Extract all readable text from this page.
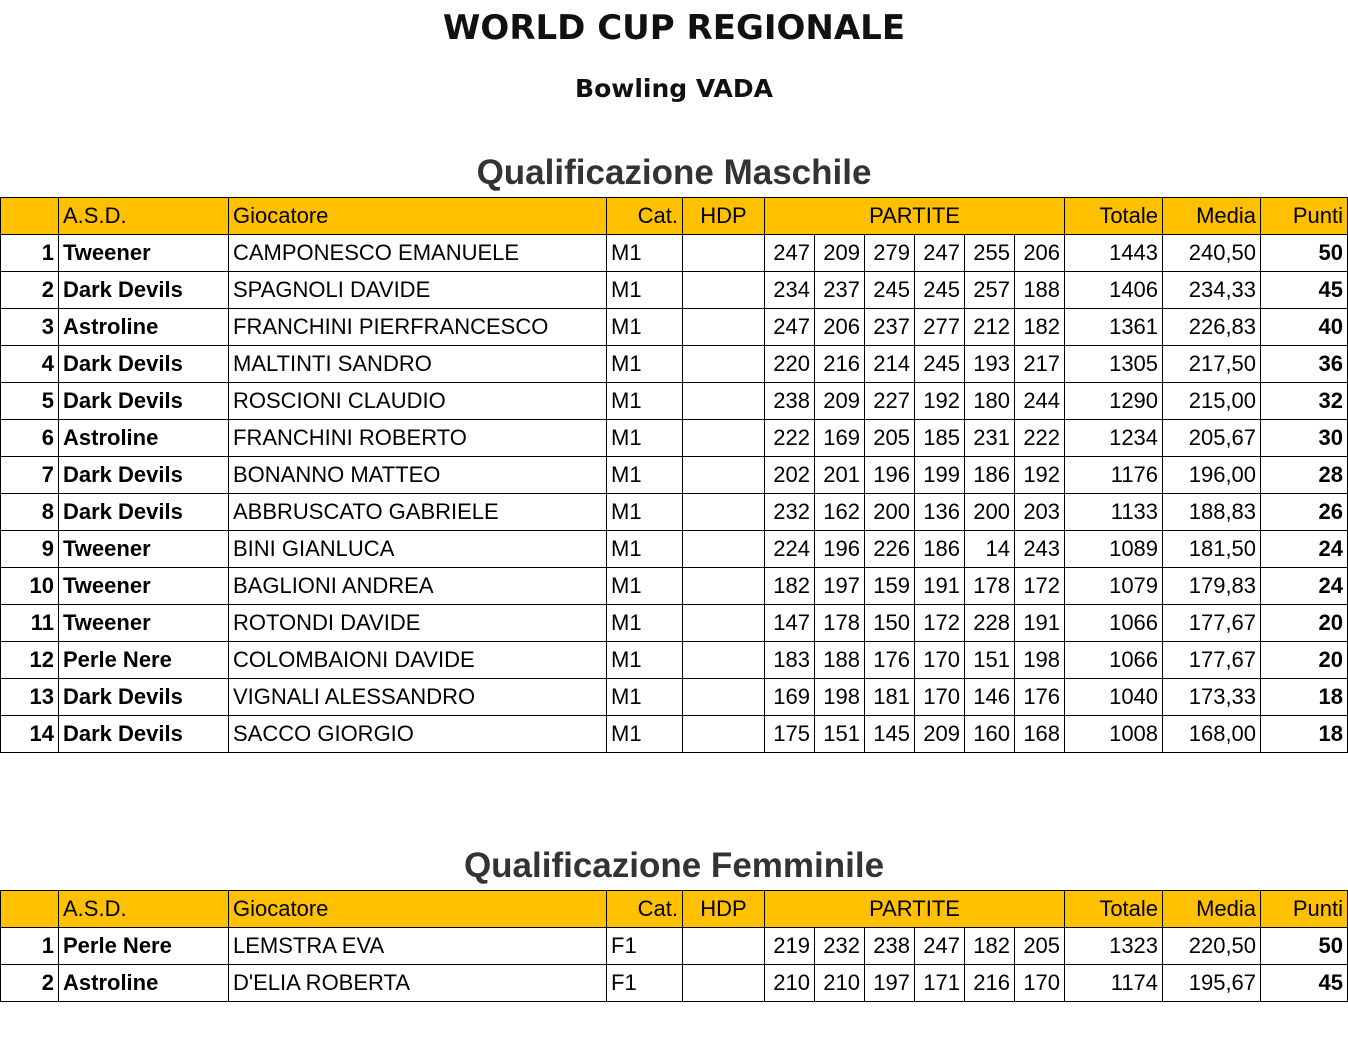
WORLD CUP REGIONALE
Bowling VADA
Qualificazione Maschile
	A.S.D.	Giocatore	Cat.	HDP	PARTITE						Totale	Media	Punti
1	Tweener	CAMPONESCO EMANUELE	M1		247	209	279	247	255	206	1443	240,50	50
2	Dark Devils	SPAGNOLI DAVIDE	M1		234	237	245	245	257	188	1406	234,33	45
3	Astroline	FRANCHINI PIERFRANCESCO	M1		247	206	237	277	212	182	1361	226,83	40
4	Dark Devils	MALTINTI SANDRO	M1		220	216	214	245	193	217	1305	217,50	36
5	Dark Devils	ROSCIONI CLAUDIO	M1		238	209	227	192	180	244	1290	215,00	32
6	Astroline	FRANCHINI ROBERTO	M1		222	169	205	185	231	222	1234	205,67	30
7	Dark Devils	BONANNO MATTEO	M1		202	201	196	199	186	192	1176	196,00	28
8	Dark Devils	ABBRUSCATO GABRIELE	M1		232	162	200	136	200	203	1133	188,83	26
9	Tweener	BINI GIANLUCA	M1		224	196	226	186	14	243	1089	181,50	24
10	Tweener	BAGLIONI ANDREA	M1		182	197	159	191	178	172	1079	179,83	24
11	Tweener	ROTONDI DAVIDE	M1		147	178	150	172	228	191	1066	177,67	20
12	Perle Nere	COLOMBAIONI DAVIDE	M1		183	188	176	170	151	198	1066	177,67	20
13	Dark Devils	VIGNALI ALESSANDRO	M1		169	198	181	170	146	176	1040	173,33	18
14	Dark Devils	SACCO GIORGIO	M1		175	151	145	209	160	168	1008	168,00	18
Qualificazione Femminile
	A.S.D.	Giocatore	Cat.	HDP	PARTITE						Totale	Media	Punti
1	Perle Nere	LEMSTRA EVA	F1		219	232	238	247	182	205	1323	220,50	50
2	Astroline	D'ELIA ROBERTA	F1		210	210	197	171	216	170	1174	195,67	45
